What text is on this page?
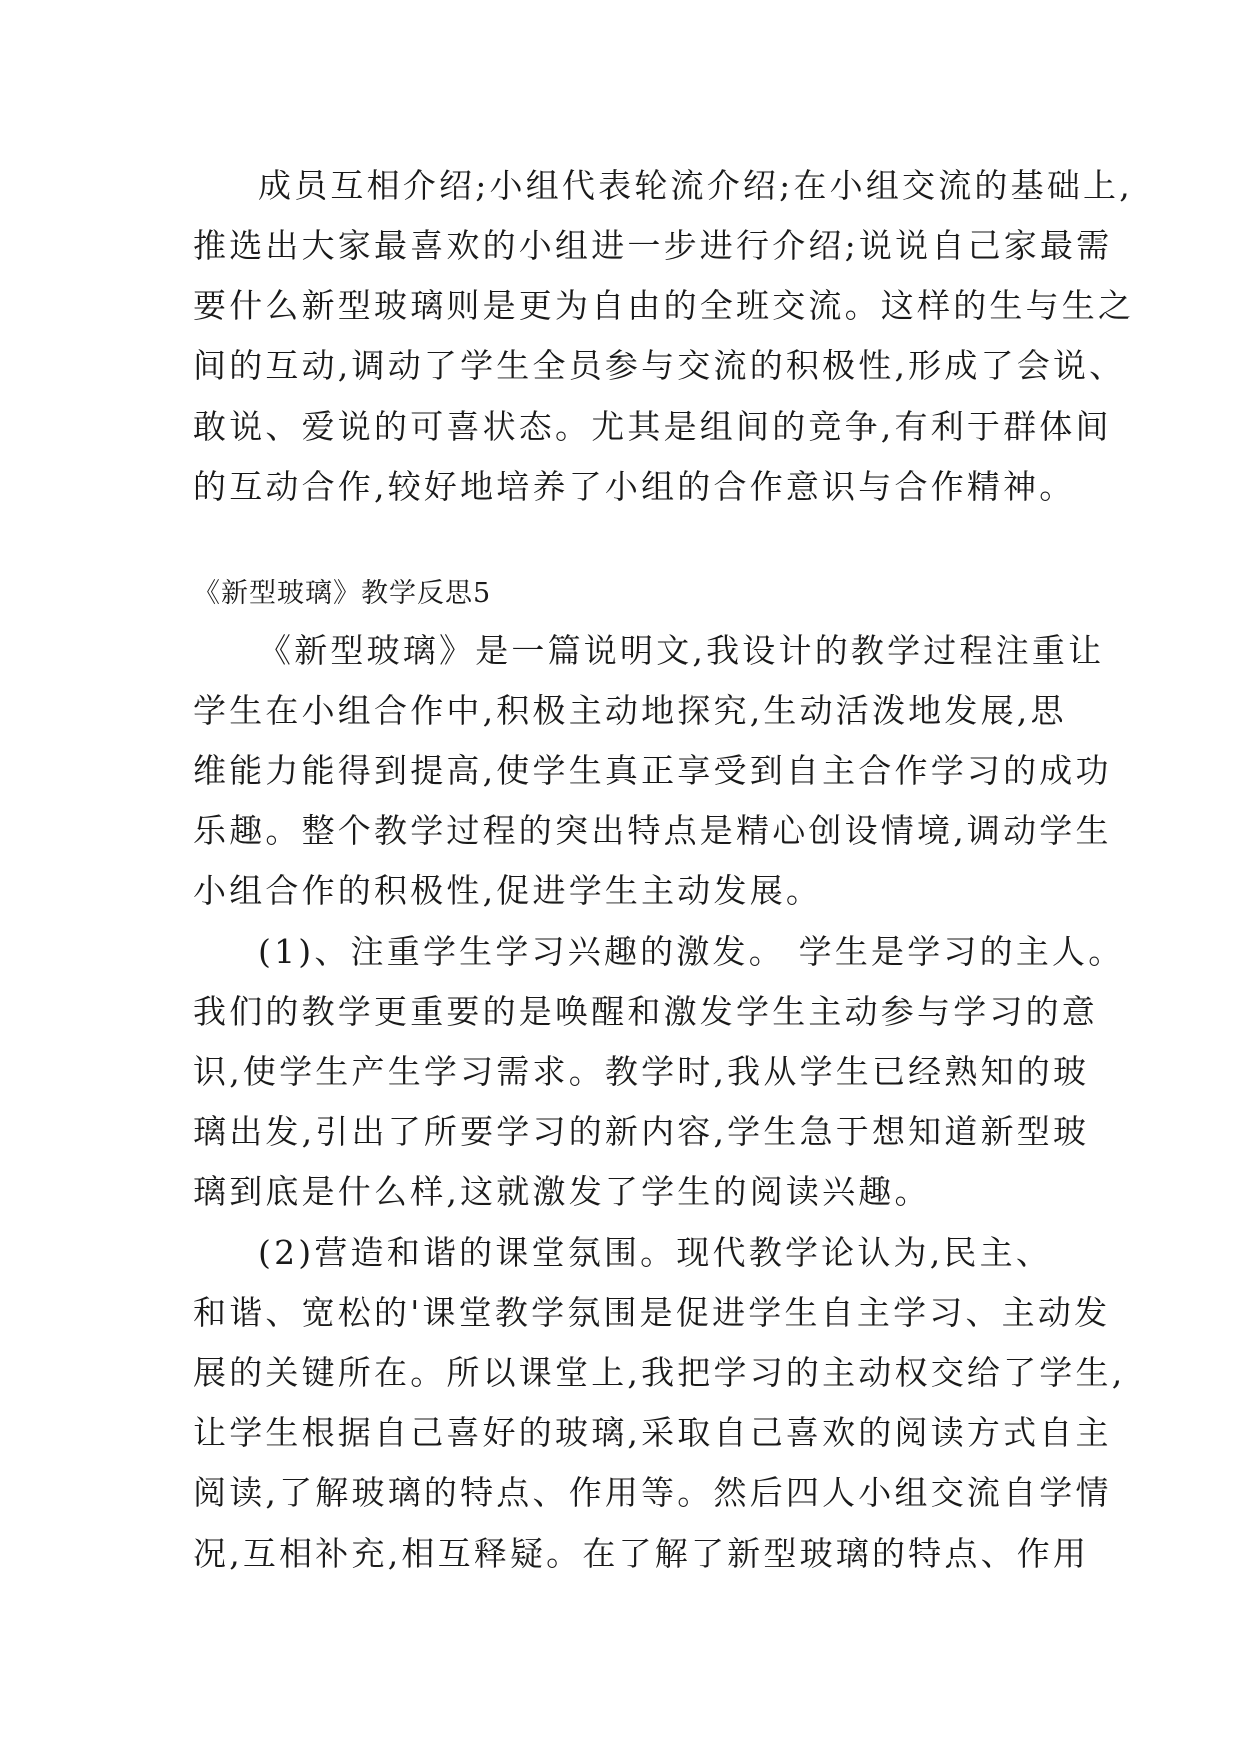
成员互相介绍;小组代表轮流介绍;在小组交流的基础上,
推选出大家最喜欢的小组进一步进行介绍;说说自己家最需
要什么新型玻璃则是更为自由的全班交流。这样的生与生之
间的互动,调动了学生全员参与交流的积极性,形成了会说、
敢说、爱说的可喜状态。尤其是组间的竞争,有利于群体间
的互动合作,较好地培养了小组的合作意识与合作精神。
《新型玻璃》教学反思5
《新型玻璃》是一篇说明文,我设计的教学过程注重让
学生在小组合作中,积极主动地探究,生动活泼地发展,思
维能力能得到提高,使学生真正享受到自主合作学习的成功
乐趣。整个教学过程的突出特点是精心创设情境,调动学生
小组合作的积极性,促进学生主动发展。
(1)、注重学生学习兴趣的激发。 学生是学习的主人。
我们的教学更重要的是唤醒和激发学生主动参与学习的意
识,使学生产生学习需求。教学时,我从学生已经熟知的玻
璃出发,引出了所要学习的新内容,学生急于想知道新型玻
璃到底是什么样,这就激发了学生的阅读兴趣。
(2)营造和谐的课堂氛围。现代教学论认为,民主、
和谐、宽松的'课堂教学氛围是促进学生自主学习、主动发
展的关键所在。所以课堂上,我把学习的主动权交给了学生,
让学生根据自己喜好的玻璃,采取自己喜欢的阅读方式自主
阅读,了解玻璃的特点、作用等。然后四人小组交流自学情
况,互相补充,相互释疑。在了解了新型玻璃的特点、作用
